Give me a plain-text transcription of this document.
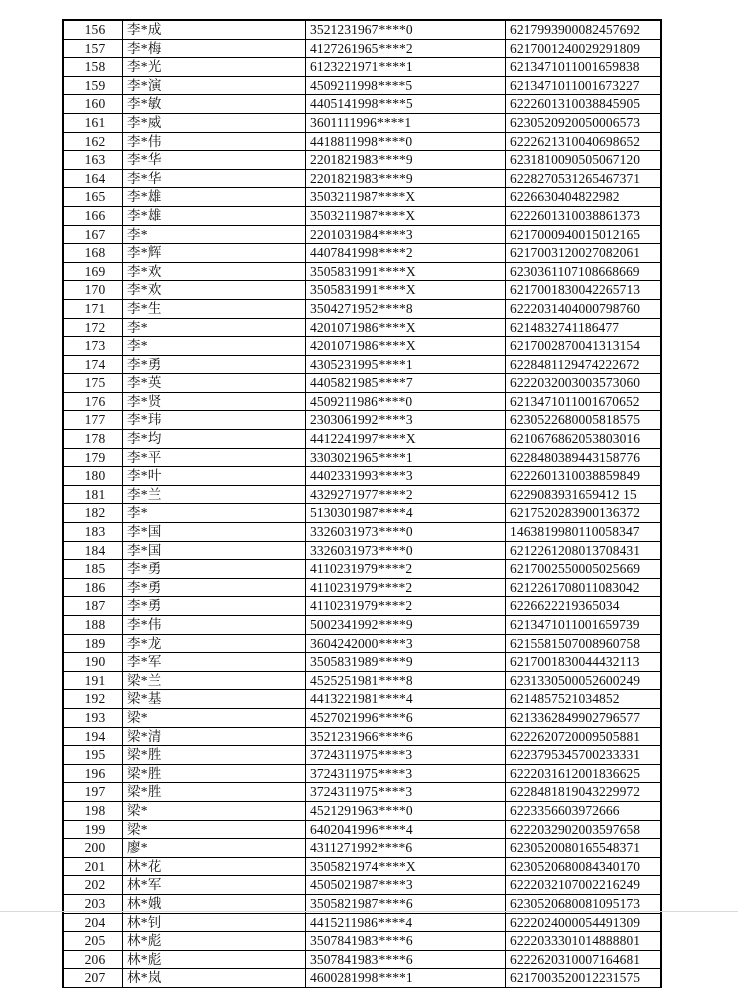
156	李*成	3521231967****0	6217993900082457692
157	李*梅	4127261965****2	6217001240029291809
158	李*光	6123221971****1	6213471011001659838
159	李*演	4509211998****5	6213471011001673227
160	李*敏	4405141998****5	6222601310038845905
161	李*威	3601111996****1	6230520920050006573
162	李*伟	4418811998****0	6222621310040698652
163	李*华	2201821983****9	6231810090505067120
164	李*华	2201821983****9	6228270531265467371
165	李*雄	3503211987****X	6226630404822982
166	李*雄	3503211987****X	6222601310038861373
167	李*	2201031984****3	6217000940015012165
168	李*辉	4407841998****2	6217003120027082061
169	李*欢	3505831991****X	6230361107108668669
170	李*欢	3505831991****X	6217001830042265713
171	李*生	3504271952****8	6222031404000798760
172	李*	4201071986****X	6214832741186477
173	李*	4201071986****X	6217002870041313154
174	李*勇	4305231995****1	6228481129474222672
175	李*英	4405821985****7	6222032003003573060
176	李*贤	4509211986****0	6213471011001670652
177	李*玮	2303061992****3	6230522680005818575
178	李*均	4412241997****X	6210676862053803016
179	李*平	3303021965****1	6228480389443158776
180	李*叶	4402331993****3	6222601310038859849
181	李*兰	4329271977****2	6229083931659412 15
182	李*	5130301987****4	6217520283900136372
183	李*国	3326031973****0	1463819980110058347
184	李*国	3326031973****0	6212261208013708431
185	李*勇	4110231979****2	6217002550005025669
186	李*勇	4110231979****2	6212261708011083042
187	李*勇	4110231979****2	6226622219365034
188	李*伟	5002341992****9	6213471011001659739
189	李*龙	3604242000****3	6215581507008960758
190	李*军	3505831989****9	6217001830044432113
191	梁*兰	4525251981****8	6231330500052600249
192	梁*基	4413221981****4	6214857521034852
193	梁*	4527021996****6	6213362849902796577
194	梁*清	3521231966****6	6222620720009505881
195	梁*胜	3724311975****3	6223795345700233331
196	梁*胜	3724311975****3	6222031612001836625
197	梁*胜	3724311975****3	6228481819043229972
198	梁*	4521291963****0	6223356603972666
199	梁*	6402041996****4	6222032902003597658
200	廖*	4311271992****6	6230520080165548371
201	林*花	3505821974****X	6230520680084340170
202	林*军	4505021987****3	6222032107002216249
203	林*娥	3505821987****6	6230520680081095173
204	林*钊	4415211986****4	6222024000054491309
205	林*彪	3507841983****6	6222033301014888801
206	林*彪	3507841983****6	6222620310007164681
207	林*岚	4600281998****1	6217003520012231575
